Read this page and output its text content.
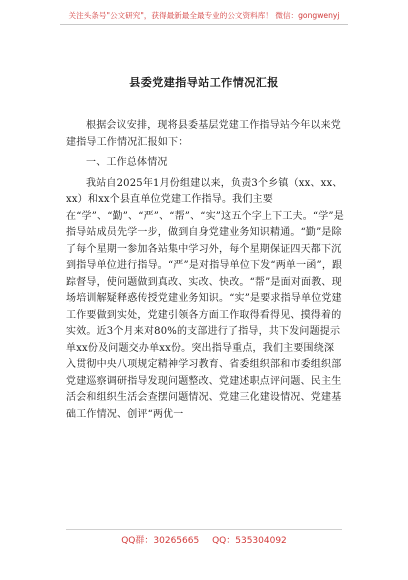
关注头条号"公文研究"，获得最新最全最专业的公文资料库！ 微信：gongwenyj
县委党建指导站工作情况汇报

根据会议安排，现将县委基层党建工作指导站今年以来党建指导工作情况汇报如下：

一、工作总体情况

我站自2025年1月份组建以来，负责3个乡镇（xx、xx、xx）和xx个县直单位党建工作指导。我们主要在“学”、“勤”、“严”、“帮”、“实”这五个字上下工夫。“学”是指导站成员先学一步，做到自身党建业务知识精通。“勤”是除了每个星期一参加各站集中学习外，每个星期保证四天都下沉到指导单位进行指导。“严”是对指导单位下发“两单一函”，跟踪督导，使问题做到真改、实改、快改。“帮”是面对面教、现场培训解疑释惑传授党建业务知识。“实”是要求指导单位党建工作要做到实处，党建引领各方面工作取得看得见、摸得着的实效。近3个月来对80%的支部进行了指导，共下发问题提示单xx份及问题交办单xx份。突出指导重点，我们主要围绕深入贯彻中央八项规定精神学习教育、省委组织部和市委组织部党建巡察调研指导发现问题整改、党建述职点评问题、民主生活会和组织生活会查摆问题情况、党建三化建设情况、党建基础工作情况、创评“两优一

QQ群：30265665 QQ：535304092
